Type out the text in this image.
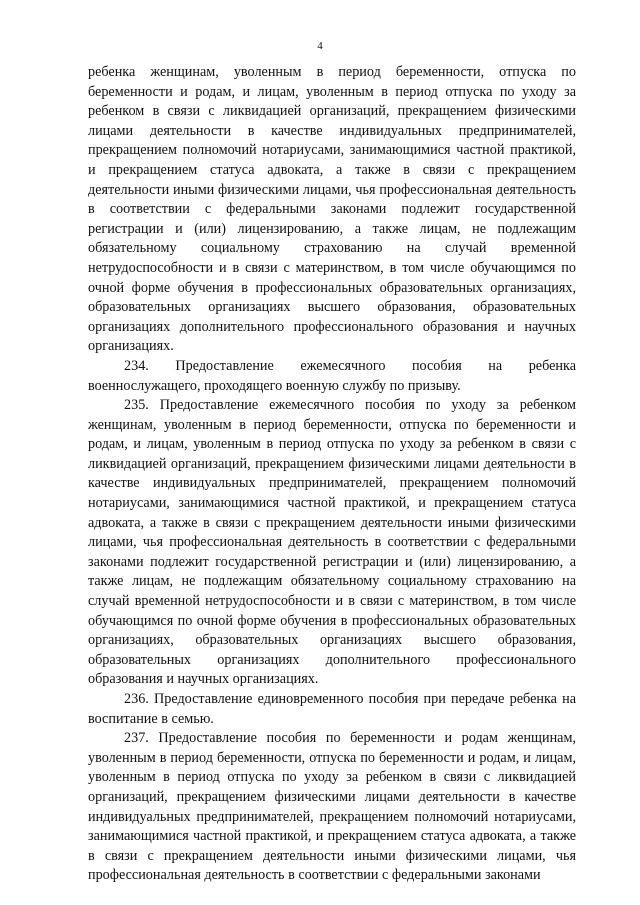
4

ребенка женщинам, уволенным в период беременности, отпуска по беременности и родам, и лицам, уволенным в период отпуска по уходу за ребенком в связи с ликвидацией организаций, прекращением физическими лицами деятельности в качестве индивидуальных предпринимателей, прекращением полномочий нотариусами, занимающимися частной практикой, и прекращением статуса адвоката, а также в связи с прекращением деятельности иными физическими лицами, чья профессиональная деятельность в соответствии с федеральными законами подлежит государственной регистрации и (или) лицензированию, а также лицам, не подлежащим обязательному социальному страхованию на случай временной нетрудоспособности и в связи с материнством, в том числе обучающимся по очной форме обучения в профессиональных образовательных организациях, образовательных организациях высшего образования, образовательных организациях дополнительного профессионального образования и научных организациях.

234. Предоставление ежемесячного пособия на ребенка военнослужащего, проходящего военную службу по призыву.

235. Предоставление ежемесячного пособия по уходу за ребенком женщинам, уволенным в период беременности, отпуска по беременности и родам, и лицам, уволенным в период отпуска по уходу за ребенком в связи с ликвидацией организаций, прекращением физическими лицами деятельности в качестве индивидуальных предпринимателей, прекращением полномочий нотариусами, занимающимися частной практикой, и прекращением статуса адвоката, а также в связи с прекращением деятельности иными физическими лицами, чья профессиональная деятельность в соответствии с федеральными законами подлежит государственной регистрации и (или) лицензированию, а также лицам, не подлежащим обязательному социальному страхованию на случай временной нетрудоспособности и в связи с материнством, в том числе обучающимся по очной форме обучения в профессиональных образовательных организациях, образовательных организациях высшего образования, образовательных организациях дополнительного профессионального образования и научных организациях.

236. Предоставление единовременного пособия при передаче ребенка на воспитание в семью.

237. Предоставление пособия по беременности и родам женщинам, уволенным в период беременности, отпуска по беременности и родам, и лицам, уволенным в период отпуска по уходу за ребенком в связи с ликвидацией организаций, прекращением физическими лицами деятельности в качестве индивидуальных предпринимателей, прекращением полномочий нотариусами, занимающимися частной практикой, и прекращением статуса адвоката, а также в связи с прекращением деятельности иными физическими лицами, чья профессиональная деятельность в соответствии с федеральными законами
